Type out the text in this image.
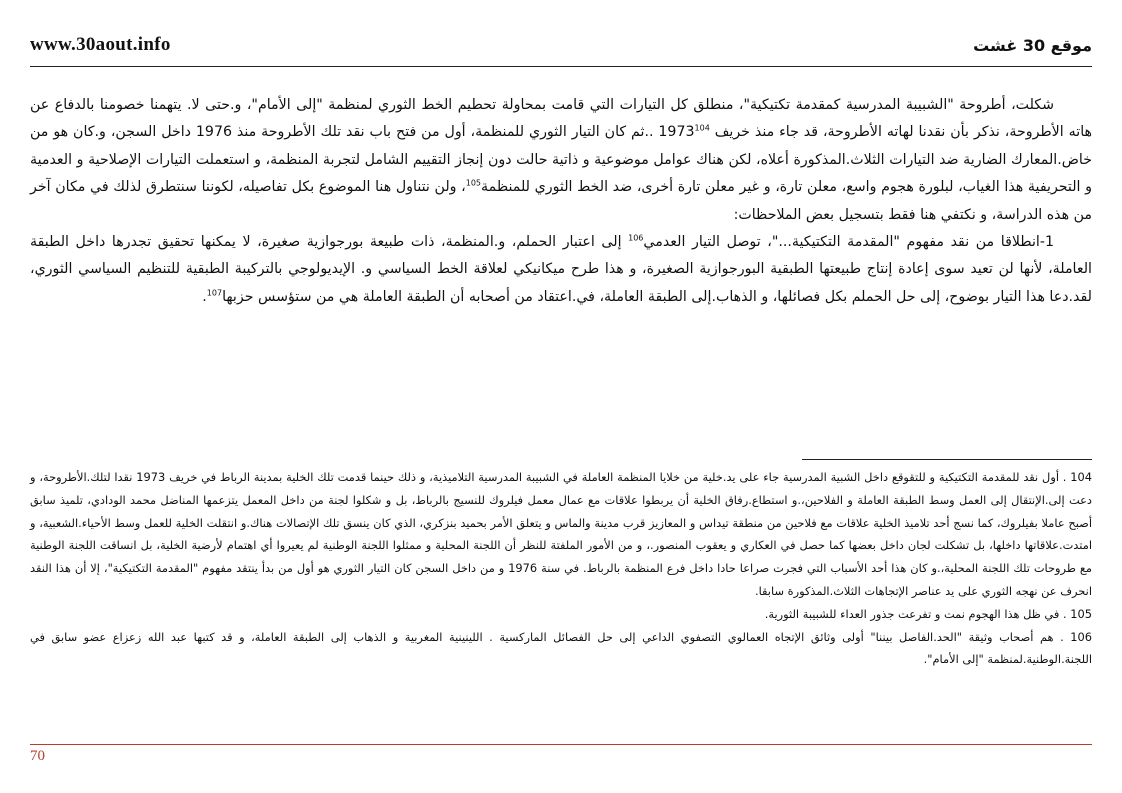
www.30aout.info	موقع 30 غشت

شكلت، أطروحة "الشبيبة المدرسية كمقدمة تكتيكية"، منطلق كل التيارات التي قامت بمحاولة تحطيم الخط الثوري لمنظمة "إلى الأمام"، و.حتى لا. يتهمنا خصومنا بالدفاع عن هاته الأطروحة، نذكر بأن نقدنا لهاته الأطروحة، قد جاء منذ خريف 1973$^{104}$ ..ثم كان التيار الثوري للمنظمة، أول من فتح باب نقد تلك الأطروحة منذ 1976 داخل السجن، و.كان هو من خاض.المعارك الضارية ضد التيارات الثلاث.المذكورة أعلاه، لكن هناك عوامل موضوعية و ذاتية حالت دون إنجاز التقييم الشامل لتجربة المنظمة، و استعملت التيارات الإصلاحية و العدمية و التحريفية هذا الغياب، لبلورة هجوم واسع، معلن تارة، و غير معلن تارة أخرى، ضد الخط الثوري للمنظمة$^{105}$، ولن نتناول هنا الموضوع بكل تفاصيله، لكوننا سنتطرق لذلك في مكان آخر من هذه الدراسة، و نكتفي هنا فقط بتسجيل بعض الملاحظات:

1-انطلاقا من نقد مفهوم "المقدمة التكتيكية..."، توصل التيار العدمي$^{106}$ إلى اعتبار الحملم، و.المنظمة، ذات طبيعة بورجوازية صغيرة، لا يمكنها تحقيق تجدرها داخل الطبقة العاملة، لأنها لن تعيد سوى إعادة إنتاج طبيعتها الطبقية البورجوازية الصغيرة، و هذا طرح ميكانيكي لعلاقة الخط السياسي و. الإيديولوجي بالتركيبة الطبقية للتنظيم السياسي الثوري، لقد.دعا هذا التيار بوضوح، إلى حل الحملم بكل فصائلها، و الذهاب.إلى الطبقة العاملة، في.اعتقاد من أصحابه أن الطبقة العاملة هي من ستؤسس حزبها$^{107}$.

104 . أول نقد للمقدمة التكتيكية و للتقوقع داخل الشبية المدرسية جاء على يد.خلية من خلايا المنظمة العاملة في الشبيبة المدرسية التلاميذية، و ذلك حينما قدمت تلك الخلية بمدينة الرباط في خريف 1973 نقدا لتلك.الأطروحة، و دعت إلى.الإنتقال إلى العمل وسط الطبقة العاملة و الفلاحين،.و استطاع.رفاق الخلية أن يربطوا علاقات مع عمال معمل فيلروك للنسيج بالرباط، بل و شكلوا لجنة من داخل المعمل يتزعمها المناضل محمد الودادي، تلميذ سابق أصبح عاملا بفيلروك، كما نسج أحد تلاميذ الخلية علاقات مع فلاحين من منطقة تيداس و المعازيز قرب مدينة والماس و يتعلق الأمر بحميد بنزكري، الذي كان ينسق تلك الإتصالات هناك.و انتقلت الخلية للعمل وسط الأحياء.الشعبية، و امتدت.علاقاتها داخلها، بل تشكلت لجان داخل بعضها كما حصل في العكاري و يعقوب المنصور.، و من الأمور الملفتة للنظر أن اللجنة المحلية و ممثلوا اللجنة الوطنية لم يعيروا أي اهتمام لأرضية الخلية، بل انساقت اللجنة الوطنية مع طروحات تلك اللجنة المحلية،.و كان هذا أحد الأسباب التي فجرت صراعا حادا داخل فرع المنظمة بالرباط. في سنة 1976 و من داخل السجن كان التيار الثوري هو أول من بدأ ينتقد مفهوم "المقدمة التكتيكية"، إلا أن هذا النقد انحرف عن نهجه الثوري على يد عناصر الإتجاهات الثلاث.المذكورة سابقا.

105 . في ظل هذا الهجوم نمت و تفرعت جذور العداء للشبيبة الثورية.

106 . هم أصحاب وثيقة "الحد.الفاصل بيننا" أولى وثائق الإتجاه العمالوي التصفوي الداعي إلى حل الفصائل الماركسية . اللينينية المغربية و الذهاب إلى الطبقة العاملة، و قد كتبها عبد الله زعزاع عضو سابق في اللجنة.الوطنية.لمنظمة "إلى الأمام".

70
